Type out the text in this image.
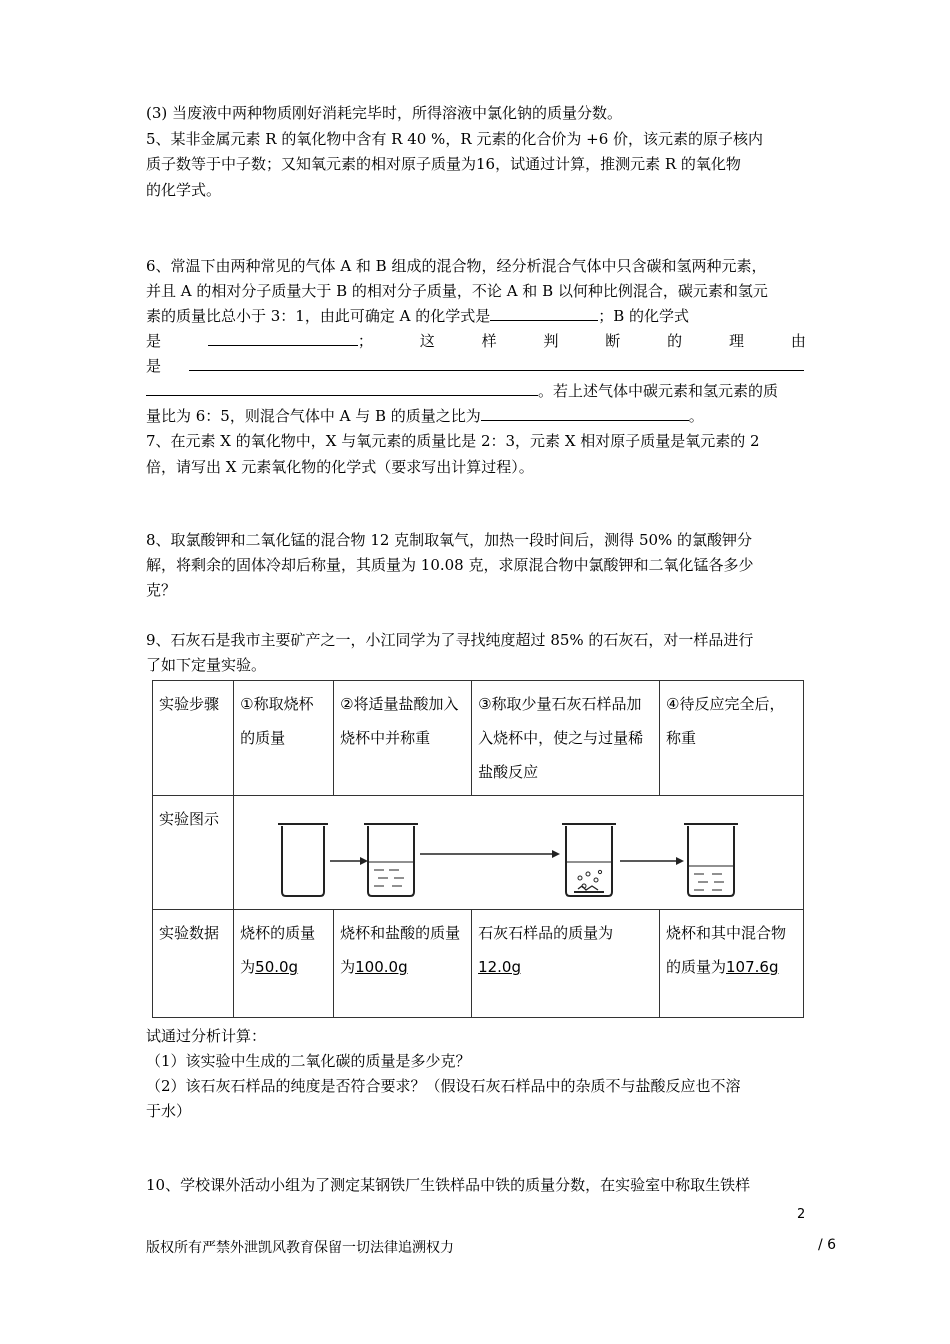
(3) 当废液中两种物质刚好消耗完毕时，所得溶液中氯化钠的质量分数。
5、某非金属元素 R 的氧化物中含有 R 40 %，R 元素的化合价为 +6 价，该元素的原子核内
质子数等于中子数；又知氧元素的相对原子质量为16，试通过计算，推测元素 R 的氧化物
的化学式。
6、常温下由两种常见的气体 A 和 B 组成的混合物，经分析混合气体中只含碳和氢两种元素，
并且 A 的相对分子质量大于 B 的相对分子质量，不论 A 和 B 以何种比例混合，碳元素和氢元
素的质量比总小于 3：1，由此可确定 A 的化学式是	；B 的化学式
是	；	这	样	判	断	的	理	由
是
。若上述气体中碳元素和氢元素的质
量比为 6：5，则混合气体中 A 与 B 的质量之比为	。
7、在元素 X 的氧化物中，X 与氧元素的质量比是 2：3，元素 X 相对原子质量是氧元素的 2
倍，请写出 X 元素氧化物的化学式（要求写出计算过程）。
8、取氯酸钾和二氧化锰的混合物 12 克制取氧气，加热一段时间后，测得 50% 的氯酸钾分
解，将剩余的固体冷却后称量，其质量为 10.08 克，求原混合物中氯酸钾和二氧化锰各多少
克？
9、石灰石是我市主要矿产之一，小江同学为了寻找纯度超过 85% 的石灰石，对一样品进行
了如下定量实验。
实验步骤	①称取烧杯的质量	②将适量盐酸加入烧杯中并称重	③称取少量石灰石样品加入烧杯中，使之与过量稀盐酸反应	④待反应完全后，称重
实验图示	

实验数据	烧杯的质量为50.0g	烧杯和盐酸的质量为100.0g	石灰石样品的质量为12.0g	烧杯和其中混合物的质量为107.6g
试通过分析计算：
（1）该实验中生成的二氧化碳的质量是多少克？
（2）该石灰石样品的纯度是否符合要求？（假设石灰石样品中的杂质不与盐酸反应也不溶
于水）
10、学校课外活动小组为了测定某钢铁厂生铁样品中铁的质量分数，在实验室中称取生铁样
2
版权所有严禁外泄凯风教育保留一切法律追溯权力	/ 6
